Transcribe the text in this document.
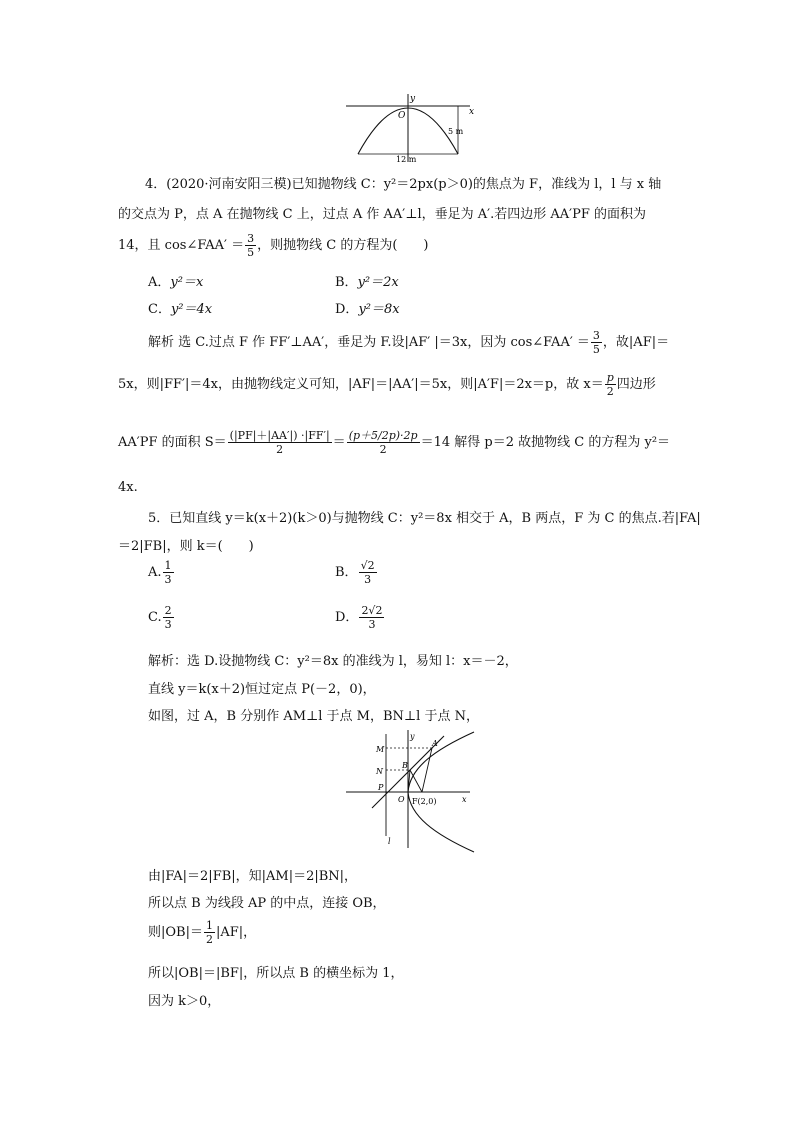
y
x
O
5 m
12 m
4．(2020·河南安阳三模)已知抛物线 C：y²＝2px(p＞0)的焦点为 F，准线为 l，l 与 x 轴
的交点为 P，点 A 在抛物线 C 上，过点 A 作 AA′⊥l，垂足为 A′.若四边形 AA′PF 的面积为
14，且 cos∠FAA′ ＝ $\frac{3}{5}$ ，则抛物线 C 的方程为(　　)
A．y²＝x	B．y²＝2x
C．y²＝4x	D．y²＝8x
解析 选 C.过点 F 作 FF′⊥AA′，垂足为 F.设|AF′ |＝3x，因为 cos∠FAA′ ＝ $\frac{3}{5}$ ，故|AF|＝
5x，则|FF′|＝4x，由抛物线定义可知，|AF|＝|AA′|＝5x，则|A′F|＝2x＝p，故 $x= \frac{p}{2}$ 四边形
AA′PF 的面积 $S= \frac{(|PF|+|AA'|) \cdot|FF'|}{2} = \frac{(p+5/2p)\cdot 2p}{2} =14$ 解得 p＝2 故抛物线 C 的方程为 y²＝
4x.
5．已知直线 y＝k(x＋2)(k＞0)与抛物线 C：y²＝8x 相交于 A，B 两点，F 为 C 的焦点.若|FA|
＝2|FB|，则 k＝(　　)
A. $\frac{1}{3}$	B． $\frac{√2}{3}$
C. $\frac{2}{3}$	D． $\frac{2√2}{3}$
解析：选 D.设抛物线 C：y²＝8x 的准线为 l，易知 l：x＝－2，
直线 y＝k(x＋2)恒过定点 P(－2，0)，
如图，过 A，B 分别作 AM⊥l 于点 M，BN⊥l 于点 N，
y
x
M
A
N
B
P
O F(2,0)
l
由|FA|＝2|FB|，知|AM|＝2|BN|，
所以点 B 为线段 AP 的中点，连接 OB，
则$|OB|= \frac{1}{2} |AF|$，
所以|OB|＝|BF|，所以点 B 的横坐标为 1，
因为 k＞0，
